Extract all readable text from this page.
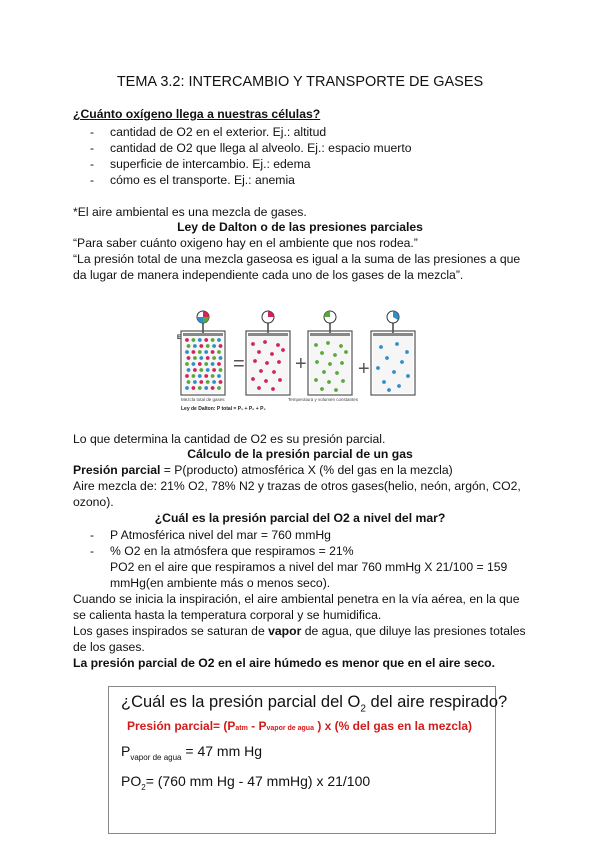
TEMA 3.2: INTERCAMBIO Y TRANSPORTE DE GASES
¿Cuánto oxígeno llega a nuestras células?
- cantidad de O2 en el exterior. Ej.: altitud
- cantidad de O2 que llega al alveolo. Ej.: espacio muerto
- superficie de intercambio. Ej.: edema
- cómo es el transporte. Ej.: anemia
*El aire ambiental es una mezcla de gases.
Ley de Dalton o de las presiones parciales
“Para saber cuánto oxigeno hay en el ambiente que nos rodea.”
“La presión total de una mezcla gaseosa es igual a la suma de las presiones a que
da lugar de manera independiente cada uno de los gases de la mezcla”.
E
=	+	+
Mezcla total de gases	Temperatura y volumen constantes
Ley de Dalton: P total = P₁ + P₂ + P₃
Lo que determina la cantidad de O2 es su presión parcial.
Cálculo de la presión parcial de un gas
Presión parcial = P(producto) atmosférica X (% del gas en la mezcla)
Aire mezcla de: 21% O2, 78% N2 y trazas de otros gases(helio, neón, argón, CO2,
ozono).
¿Cuál es la presión parcial del O2 a nivel del mar?
- P Atmosférica nivel del mar = 760 mmHg
- % O2 en la atmósfera que respiramos = 21%
PO2 en el aire que respiramos a nivel del mar 760 mmHg X 21/100 = 159
mmHg(en ambiente más o menos seco).
Cuando se inicia la inspiración, el aire ambiental penetra en la vía aérea, en la que
se calienta hasta la temperatura corporal y se humidifica.
Los gases inspirados se saturan de vapor de agua, que diluye las presiones totales
de los gases.
La presión parcial de O2 en el aire húmedo es menor que en el aire seco.
¿Cuál es la presión parcial del $O_2$ del aire respirado?
Presión parcial= (Patm - Pvapor de agua ) x (% del gas en la mezcla)
$P_{vapor de agua} = 47$ mm Hg
$PO_2= (760$ mm Hg - 47 mmHg) x 21/100
